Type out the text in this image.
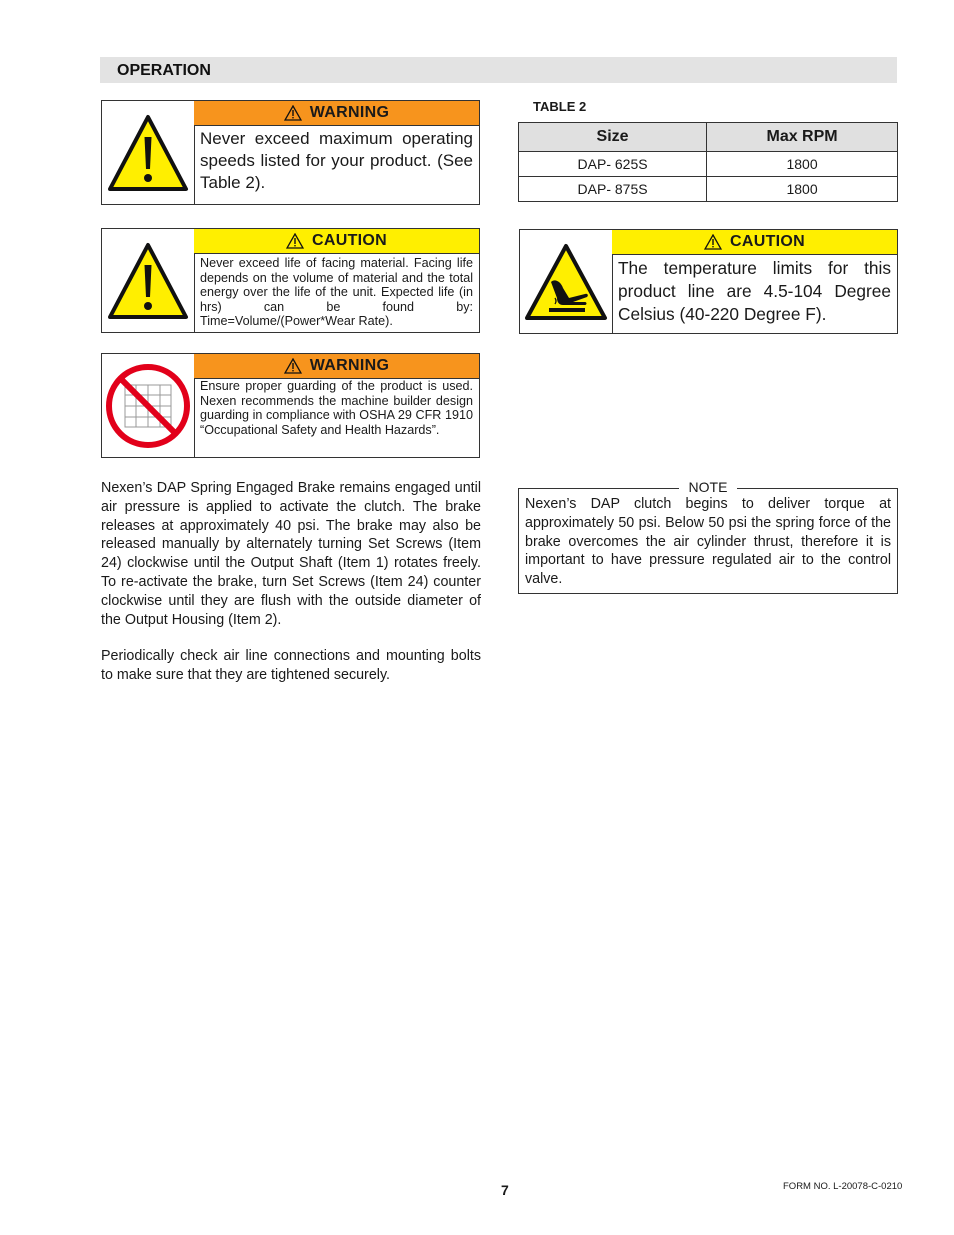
OPERATION
WARNING
Never exceed maximum operating speeds listed for your product. (See Table 2).
CAUTION
Never exceed life of facing material. Facing life depends on the volume of material and the total energy over the life of the unit. Expected life (in hrs) can be found by: Time=Volume/(Power*Wear Rate).
WARNING
Ensure proper guarding of the product is used. Nexen recommends the machine builder design guarding in compliance with OSHA 29 CFR 1910 “Occupational Safety and Health Hazards”.
Nexen’s DAP Spring Engaged Brake remains engaged until air pressure is applied to activate the clutch. The brake releases at approximately 40 psi. The brake may also be released manually by alternately turning Set Screws (Item 24) clockwise until the Output Shaft (Item 1) rotates freely. To re-activate the brake, turn Set Screws (Item 24) counter clockwise until they are flush with the outside diameter of the Output Housing (Item 2).
Periodically check air line connections and mounting bolts to make sure that they are tightened securely.
TABLE 2
Size	Max RPM
DAP- 625S	1800
DAP- 875S	1800
CAUTION
The temperature limits for this product line are 4.5-104 Degree Celsius (40-220 Degree F).
NOTE
Nexen’s DAP clutch begins to deliver torque at approximately 50 psi. Below 50 psi the spring force of the brake overcomes the air cylinder thrust, therefore it is important to have pressure regulated air to the control valve.
7	FORM NO. L-20078-C-0210
